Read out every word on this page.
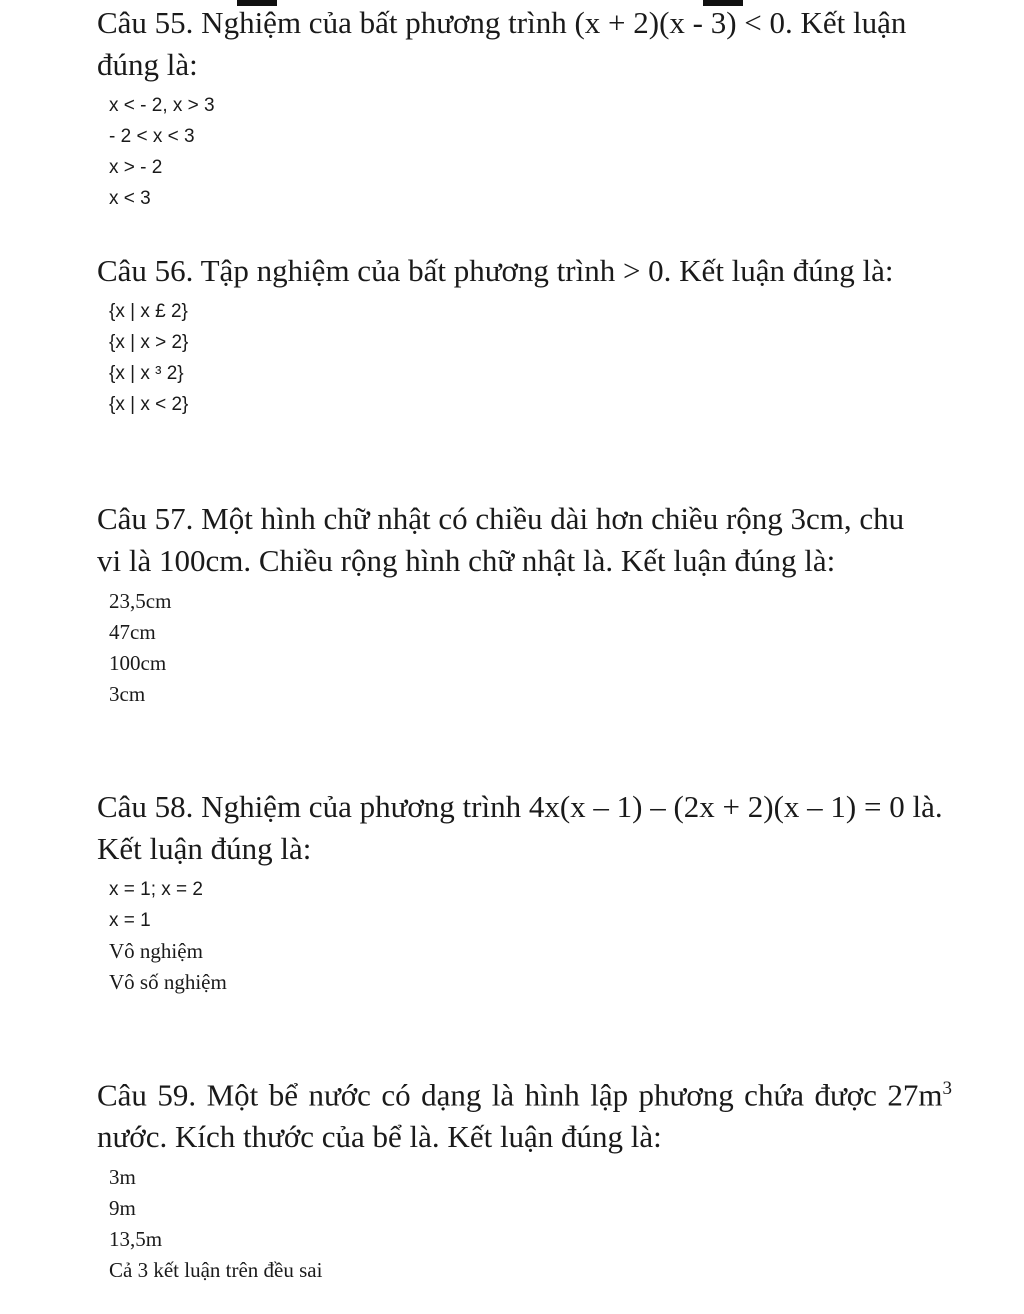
Câu 55. Nghiệm của bất phương trình (x + 2)(x - 3) < 0. Kết luận đúng là:

x < - 2, x > 3
- 2 < x < 3
x > - 2
x < 3

Câu 56. Tập nghiệm của bất phương trình > 0. Kết luận đúng là:

{x | x £ 2}
{x | x > 2}
{x | x ³ 2}
{x | x < 2}

Câu 57. Một hình chữ nhật có chiều dài hơn chiều rộng 3cm, chu vi là 100cm. Chiều rộng hình chữ nhật là. Kết luận đúng là:

23,5cm
47cm
100cm
3cm

Câu 58. Nghiệm của phương trình 4x(x – 1) – (2x + 2)(x – 1) = 0 là. Kết luận đúng là:

x = 1; x = 2
x = 1
Vô nghiệm
Vô số nghiệm

Câu 59. Một bể nước có dạng là hình lập phương chứa được $27m^3$ nước. Kích thước của bể là. Kết luận đúng là:

3m
9m
13,5m
Cả 3 kết luận trên đều sai
